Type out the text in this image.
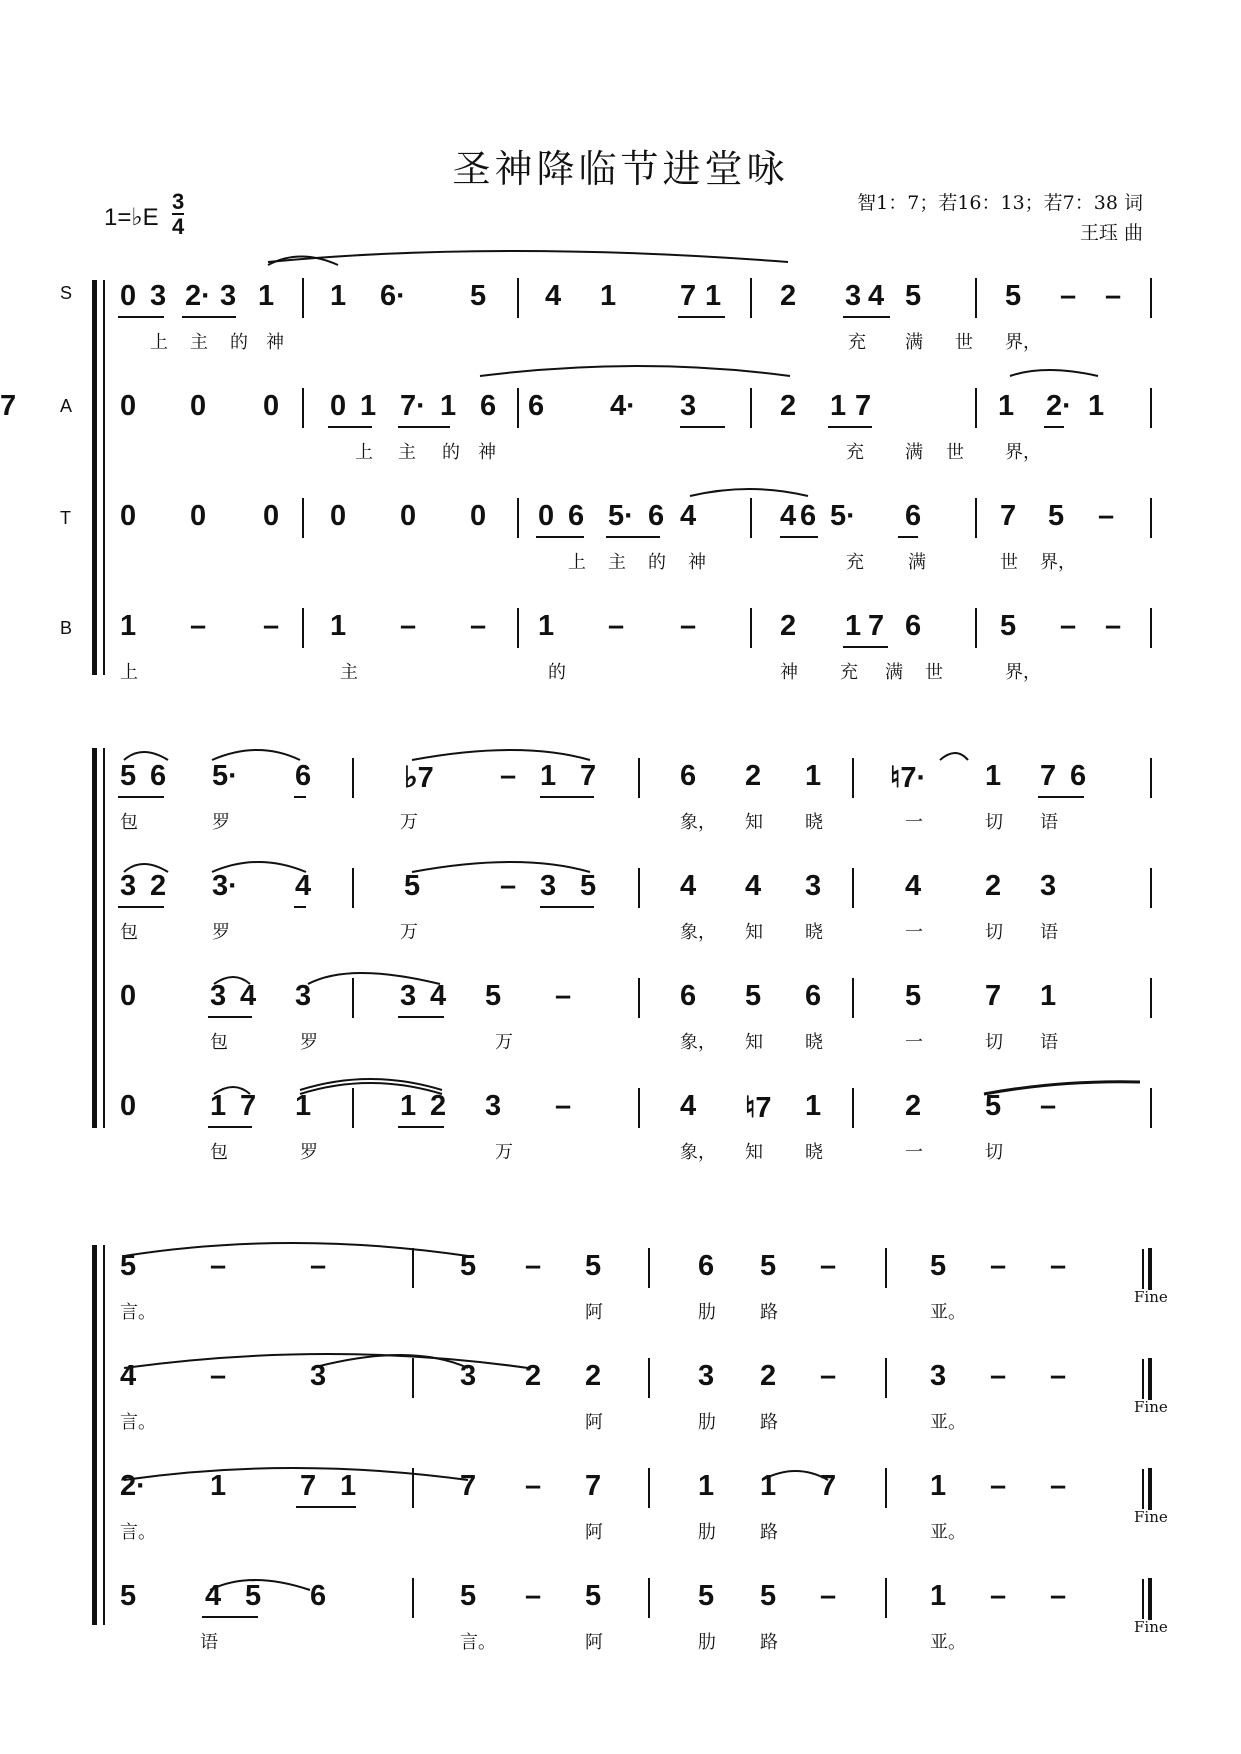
圣神降临节进堂咏
智1：7；若16：13；若7：38 词
王珏 曲
1=♭E $\frac{3}{4}$
S
A
T
B
0 3 2· 3 1 1 6· 5 4 1 7 1 2 3 4 5	5 – –
上 主 的 神	充 满 世 界，
0 0 0 0 1 7· 1 6 6 4· 3	2 1 7	1 2· 1
7
上 主 的 神	充 满 世 界，
0 0 0 0 0 0 0 6 5· 6 4	4 6 5· 6	7 5 –
上 主 的 神	充 满	世 界，
1 – – 1 – – 1 – –	2 1 7 6	5 – –
上	主	的	神 充 满 世	界，
5 6 5· 6	♭7 – 1 7	6 2 1 ♮7· 1 7 6
包	罗	万	象， 知 晓	一	切 语
3 2 3· 4	5	– 3 5	4 4 3	4 2 3
包	罗	万	象， 知 晓	一	切 语
0	3 4 3	3 4 5 –	6 5 6	5 7 1
包	罗	万	象， 知 晓	一	切 语
0	1 7 1	1 2 3 –	4 ♮7 1	2 5 –
包	罗	万	象， 知 晓	一	切
5	–	–	5 – 5	6 5 –	5 – –
Fine
言。	阿	肋 路	亚。
4	–	3	3 2 2	3 2 –	3 – –
Fine
言。	阿	肋 路	亚。
2· 1	7 1	7 – 7	1 1 7	1 – –
Fine
言。	阿	肋 路	亚。
5 4 5 6	5 – 5	5 5 –	1 – –
Fine
语	言。	阿	肋 路	亚。
